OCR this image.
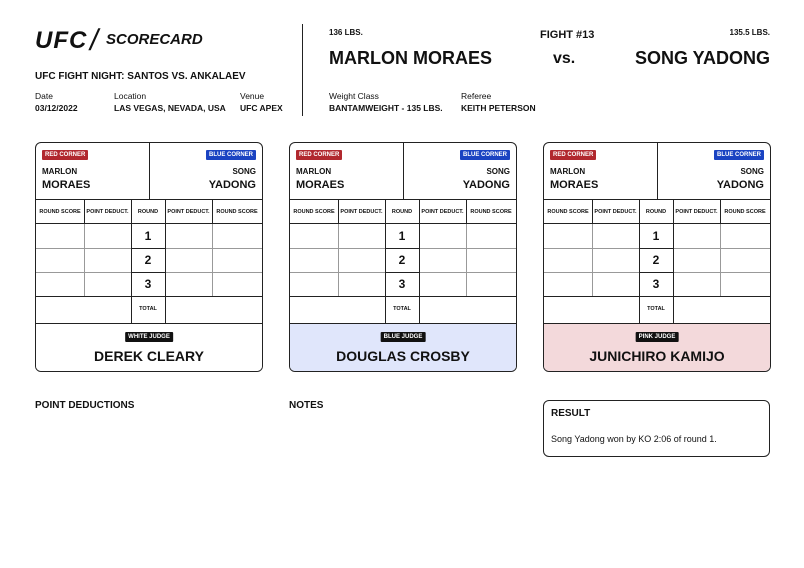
UFC / SCORECARD
UFC FIGHT NIGHT: SANTOS VS. ANKALAEV
Date
03/12/2022
Location
LAS VEGAS, NEVADA, USA
Venue
UFC APEX
136 LBS.
MARLON MORAES
FIGHT #13
vs.
135.5 LBS.
SONG YADONG
Weight Class
BANTAMWEIGHT - 135 LBS.
Referee
KEITH PETERSON
RED CORNER
MARLON
MORAES
BLUE CORNER
SONG
YADONG
ROUND SCORE	POINT DEDUCT.	ROUND	POINT DEDUCT.	ROUND SCORE
1
2
3
TOTAL
WHITE JUDGE
DEREK CLEARY
RED CORNER
MARLON
MORAES
BLUE CORNER
SONG
YADONG
ROUND SCORE	POINT DEDUCT.	ROUND	POINT DEDUCT.	ROUND SCORE
1
2
3
TOTAL
BLUE JUDGE
DOUGLAS CROSBY
RED CORNER
MARLON
MORAES
BLUE CORNER
SONG
YADONG
ROUND SCORE	POINT DEDUCT.	ROUND	POINT DEDUCT.	ROUND SCORE
1
2
3
TOTAL
PINK JUDGE
JUNICHIRO KAMIJO
POINT DEDUCTIONS	NOTES
RESULT
Song Yadong won by KO 2:06 of round 1.
